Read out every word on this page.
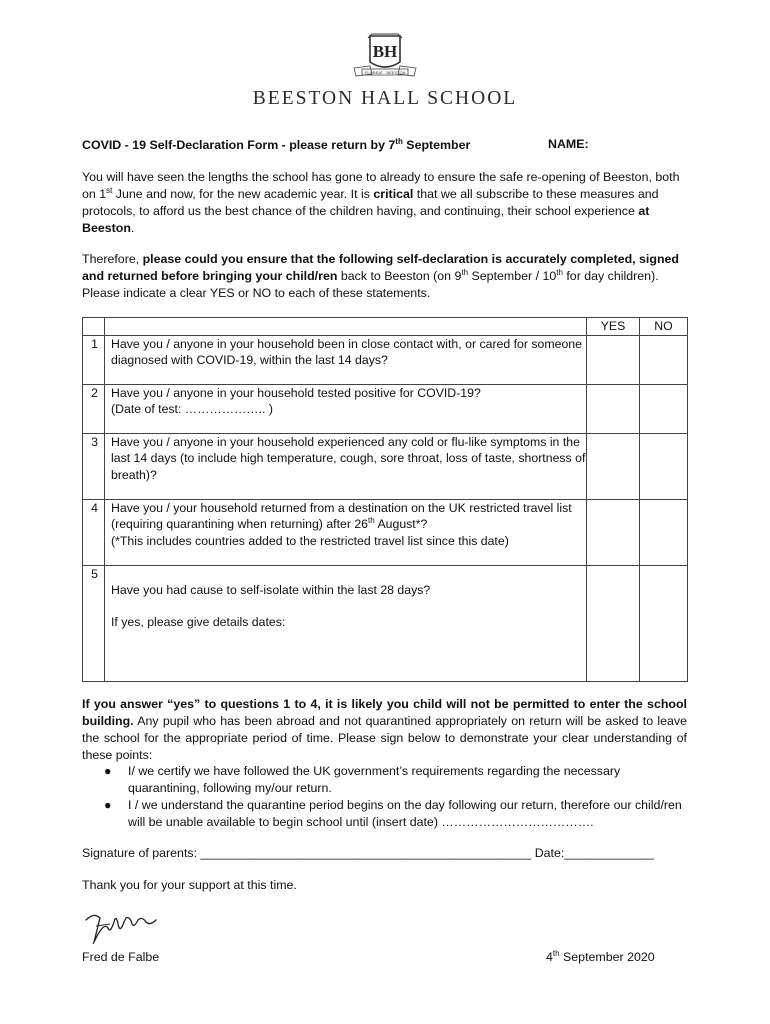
BH
FLOREAT BEESTON
BEESTON HALL SCHOOL
COVID - 19 Self-Declaration Form - please return by 7th September	NAME:
You will have seen the lengths the school has gone to already to ensure the safe re-opening of Beeston, both on 1st June and now, for the new academic year. It is critical that we all subscribe to these measures and protocols, to afford us the best chance of the children having, and continuing, their school experience at Beeston.
Therefore, please could you ensure that the following self-declaration is accurately completed, signed and returned before bringing your child/ren back to Beeston (on 9th September / 10th for day children). Please indicate a clear YES or NO to each of these statements.
		YES	NO
1	Have you / anyone in your household been in close contact with, or cared for someone diagnosed with COVID-19, within the last 14 days?		
2	Have you / anyone in your household tested positive for COVID-19?
(Date of test: ……………….. )		

3	Have you / anyone in your household experienced any cold or flu-like symptoms in the last 14 days (to include high temperature, cough, sore throat, loss of taste, shortness of breath)?		
4	Have you / your household returned from a destination on the UK restricted travel list (requiring quarantining when returning) after 26th August*?
(*This includes countries added to the restricted travel list since this date)		

5	Have you had cause to self-isolate within the last 28 days?
If yes, please give details dates:		

If you answer “yes” to questions 1 to 4, it is likely you child will not be permitted to enter the school building. Any pupil who has been abroad and not quarantined appropriately on return will be asked to leave the school for the appropriate period of time. Please sign below to demonstrate your clear understanding of these points:
● I/ we certify we have followed the UK government’s requirements regarding the necessary quarantining, following my/our return.
● I / we understand the quarantine period begins on the day following our return, therefore our child/ren will be unable available to begin school until (insert date) ……………………………….
Signature of parents: ________________________________________________ Date:_____________
Thank you for your support at this time.
Fred de Falbe	4th September 2020
